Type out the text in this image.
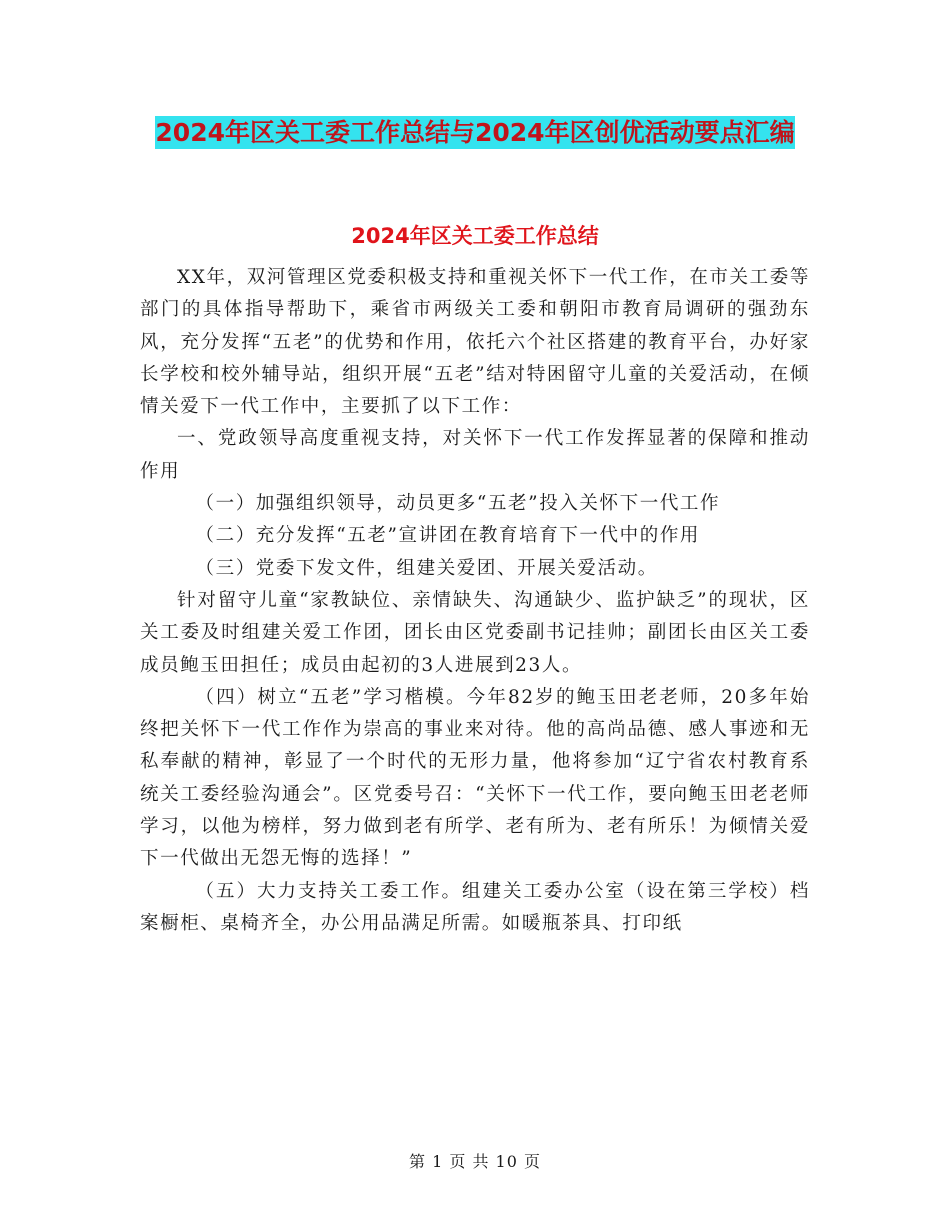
2024年区关工委工作总结与2024年区创优活动要点汇编
2024年区关工委工作总结

XX年，双河管理区党委积极支持和重视关怀下一代工作，在市关工委等部门的具体指导帮助下，乘省市两级关工委和朝阳市教育局调研的强劲东风，充分发挥“五老”的优势和作用，依托六个社区搭建的教育平台，办好家长学校和校外辅导站，组织开展“五老”结对特困留守儿童的关爱活动，在倾情关爱下一代工作中，主要抓了以下工作：

一、党政领导高度重视支持，对关怀下一代工作发挥显著的保障和推动作用

（一）加强组织领导，动员更多“五老”投入关怀下一代工作

（二）充分发挥“五老”宣讲团在教育培育下一代中的作用

（三）党委下发文件，组建关爱团、开展关爱活动。

针对留守儿童“家教缺位、亲情缺失、沟通缺少、监护缺乏”的现状，区关工委及时组建关爱工作团，团长由区党委副书记挂帅；副团长由区关工委成员鲍玉田担任；成员由起初的3人进展到23人。

（四）树立“五老”学习楷模。今年82岁的鲍玉田老老师，20多年始终把关怀下一代工作作为崇高的事业来对待。他的高尚品德、感人事迹和无私奉献的精神，彰显了一个时代的无形力量，他将参加“辽宁省农村教育系统关工委经验沟通会”。区党委号召：“关怀下一代工作，要向鲍玉田老老师学习，以他为榜样，努力做到老有所学、老有所为、老有所乐！为倾情关爱下一代做出无怨无悔的选择！”

（五）大力支持关工委工作。组建关工委办公室（设在第三学校）档案橱柜、桌椅齐全，办公用品满足所需。如暖瓶茶具、打印纸

第 1 页 共 10 页
